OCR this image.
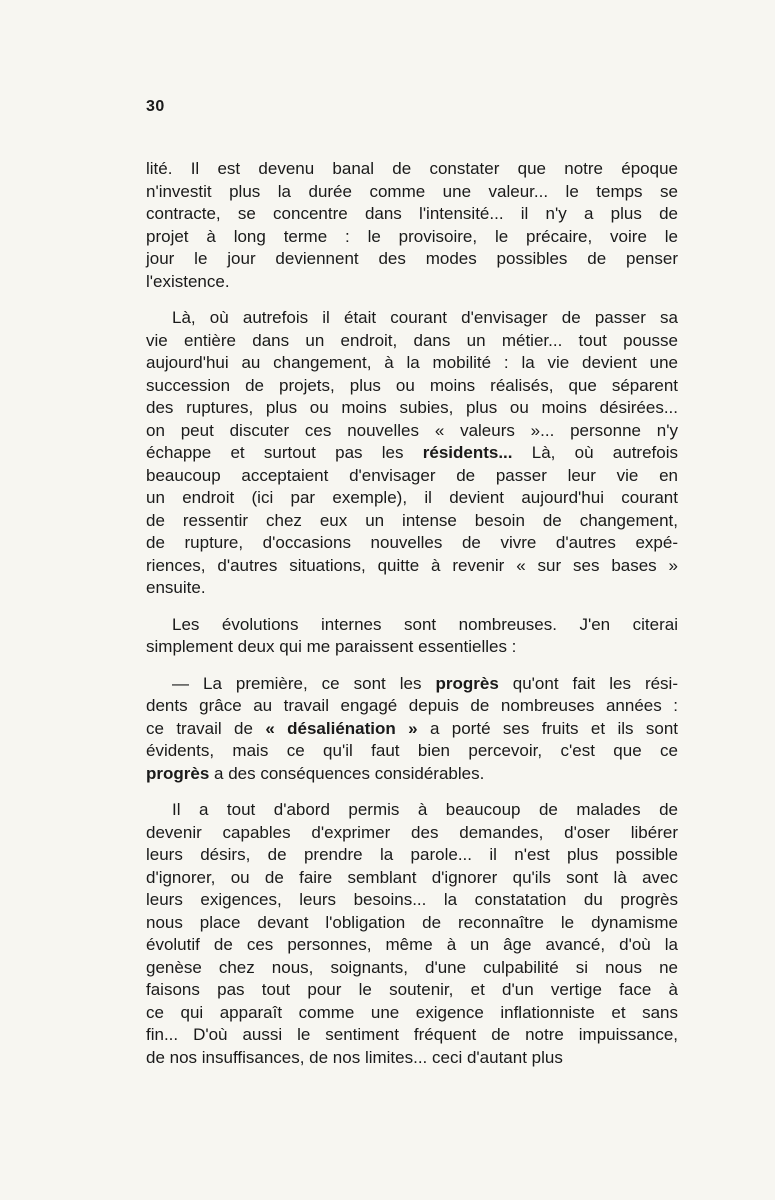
30

lité. Il est devenu banal de constater que notre époque
n'investit plus la durée comme une valeur... le temps se
contracte, se concentre dans l'intensité... il n'y a plus de
projet à long terme : le provisoire, le précaire, voire le
jour le jour deviennent des modes possibles de penser
l'existence.

Là, où autrefois il était courant d'envisager de passer sa
vie entière dans un endroit, dans un métier... tout pousse
aujourd'hui au changement, à la mobilité : la vie devient une
succession de projets, plus ou moins réalisés, que séparent
des ruptures, plus ou moins subies, plus ou moins désirées...
on peut discuter ces nouvelles « valeurs »... personne n'y
échappe et surtout pas les résidents... Là, où autrefois
beaucoup acceptaient d'envisager de passer leur vie en
un endroit (ici par exemple), il devient aujourd'hui courant
de ressentir chez eux un intense besoin de changement,
de rupture, d'occasions nouvelles de vivre d'autres expé-
riences, d'autres situations, quitte à revenir « sur ses bases »
ensuite.

Les évolutions internes sont nombreuses. J'en citerai
simplement deux qui me paraissent essentielles :

— La première, ce sont les progrès qu'ont fait les rési-
dents grâce au travail engagé depuis de nombreuses années :
ce travail de « désaliénation » a porté ses fruits et ils sont
évidents, mais ce qu'il faut bien percevoir, c'est que ce
progrès a des conséquences considérables.

Il a tout d'abord permis à beaucoup de malades de
devenir capables d'exprimer des demandes, d'oser libérer
leurs désirs, de prendre la parole... il n'est plus possible
d'ignorer, ou de faire semblant d'ignorer qu'ils sont là avec
leurs exigences, leurs besoins... la constatation du progrès
nous place devant l'obligation de reconnaître le dynamisme
évolutif de ces personnes, même à un âge avancé, d'où la
genèse chez nous, soignants, d'une culpabilité si nous ne
faisons pas tout pour le soutenir, et d'un vertige face à
ce qui apparaît comme une exigence inflationniste et sans
fin... D'où aussi le sentiment fréquent de notre impuissance,
de nos insuffisances, de nos limites... ceci d'autant plus
